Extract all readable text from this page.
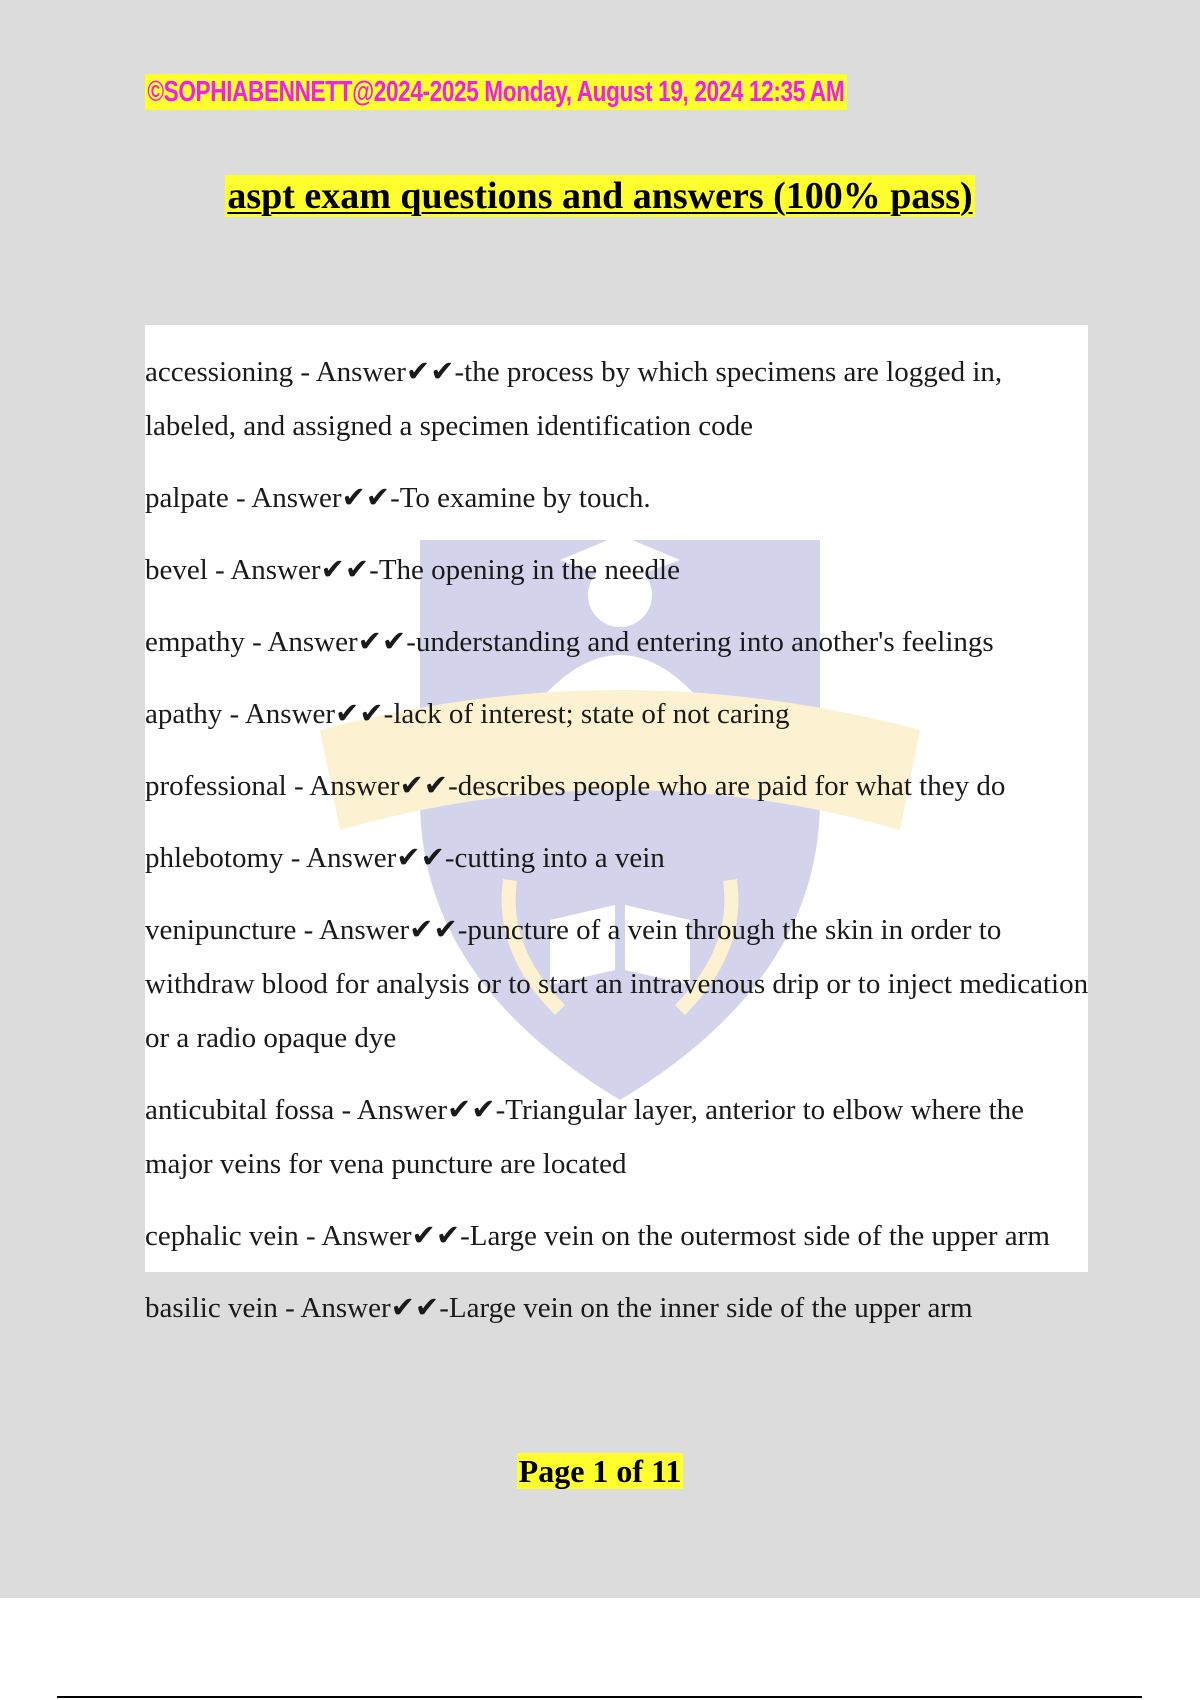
©SOPHIABENNETT@2024-2025 Monday, August 19, 2024 12:35 AM
aspt exam questions and answers (100% pass)

accessioning - Answer✔✔-the process by which specimens are logged in, labeled, and assigned a specimen identification code

palpate - Answer✔✔-To examine by touch.

bevel - Answer✔✔-The opening in the needle

empathy - Answer✔✔-understanding and entering into another's feelings

apathy - Answer✔✔-lack of interest; state of not caring

professional - Answer✔✔-describes people who are paid for what they do

phlebotomy - Answer✔✔-cutting into a vein

venipuncture - Answer✔✔-puncture of a vein through the skin in order to withdraw blood for analysis or to start an intravenous drip or to inject medication or a radio opaque dye

anticubital fossa - Answer✔✔-Triangular layer, anterior to elbow where the major veins for vena puncture are located

cephalic vein - Answer✔✔-Large vein on the outermost side of the upper arm

basilic vein - Answer✔✔-Large vein on the inner side of the upper arm

Page 1 of 11
